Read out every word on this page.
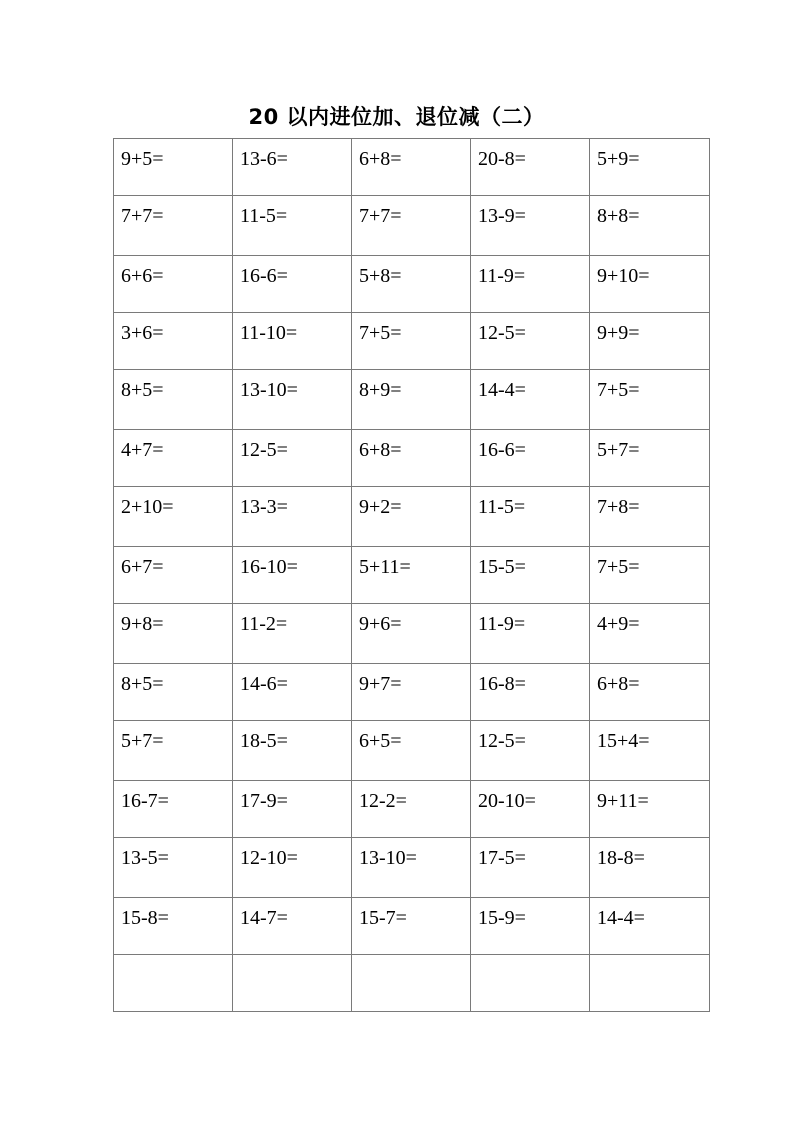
20 以内进位加、退位减（二）
9+5=	13-6=	6+8=	20-8=	5+9=
7+7=	11-5=	7+7=	13-9=	8+8=
6+6=	16-6=	5+8=	11-9=	9+10=
3+6=	11-10=	7+5=	12-5=	9+9=
8+5=	13-10=	8+9=	14-4=	7+5=
4+7=	12-5=	6+8=	16-6=	5+7=
2+10=	13-3=	9+2=	11-5=	7+8=
6+7=	16-10=	5+11=	15-5=	7+5=
9+8=	11-2=	9+6=	11-9=	4+9=
8+5=	14-6=	9+7=	16-8=	6+8=
5+7=	18-5=	6+5=	12-5=	15+4=
16-7=	17-9=	12-2=	20-10=	9+11=
13-5=	12-10=	13-10=	17-5=	18-8=
15-8=	14-7=	15-7=	15-9=	14-4=
